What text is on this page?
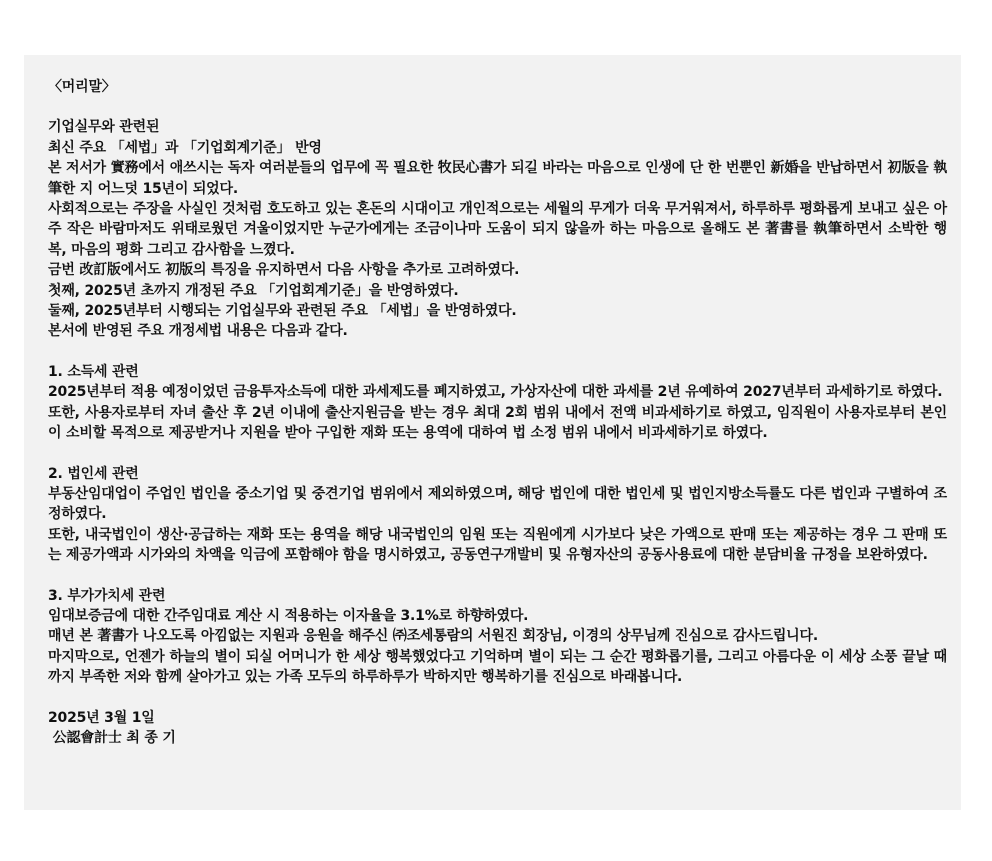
〈머리말〉

기업실무와 관련된

최신 주요 「세법」과 「기업회계기준」 반영

본 저서가 實務에서 애쓰시는 독자 여러분들의 업무에 꼭 필요한 牧民心書가 되길 바라는 마음으로 인생에 단 한 번뿐인 新婚을 반납하면서 初版을 執筆한 지 어느덧 15년이 되었다.

사회적으로는 주장을 사실인 것처럼 호도하고 있는 혼돈의 시대이고 개인적으로는 세월의 무게가 더욱 무거워져서, 하루하루 평화롭게 보내고 싶은 아주 작은 바람마저도 위태로웠던 겨울이었지만 누군가에게는 조금이나마 도움이 되지 않을까 하는 마음으로 올해도 본 著書를 執筆하면서 소박한 행복, 마음의 평화 그리고 감사함을 느꼈다.

금번 改訂版에서도 初版의 특징을 유지하면서 다음 사항을 추가로 고려하였다.

첫째, 2025년 초까지 개정된 주요 「기업회계기준」을 반영하였다.

둘째, 2025년부터 시행되는 기업실무와 관련된 주요 「세법」을 반영하였다.

본서에 반영된 주요 개정세법 내용은 다음과 같다.

1. 소득세 관련

2025년부터 적용 예정이었던 금융투자소득에 대한 과세제도를 폐지하였고, 가상자산에 대한 과세를 2년 유예하여 2027년부터 과세하기로 하였다.

또한, 사용자로부터 자녀 출산 후 2년 이내에 출산지원금을 받는 경우 최대 2회 범위 내에서 전액 비과세하기로 하였고, 임직원이 사용자로부터 본인이 소비할 목적으로 제공받거나 지원을 받아 구입한 재화 또는 용역에 대하여 법 소정 범위 내에서 비과세하기로 하였다.

2. 법인세 관련

부동산임대업이 주업인 법인을 중소기업 및 중견기업 범위에서 제외하였으며, 해당 법인에 대한 법인세 및 법인지방소득률도 다른 법인과 구별하여 조정하였다.

또한, 내국법인이 생산·공급하는 재화 또는 용역을 해당 내국법인의 임원 또는 직원에게 시가보다 낮은 가액으로 판매 또는 제공하는 경우 그 판매 또는 제공가액과 시가와의 차액을 익금에 포함해야 함을 명시하였고, 공동연구개발비 및 유형자산의 공동사용료에 대한 분담비율 규정을 보완하였다.

3. 부가가치세 관련

임대보증금에 대한 간주임대료 계산 시 적용하는 이자율을 3.1%로 하향하였다.

매년 본 著書가 나오도록 아낌없는 지원과 응원을 해주신 ㈜조세통람의 서원진 회장님, 이경의 상무님께 진심으로 감사드립니다.

마지막으로, 언젠가 하늘의 별이 되실 어머니가 한 세상 행복했었다고 기억하며 별이 되는 그 순간 평화롭기를, 그리고 아름다운 이 세상 소풍 끝날 때까지 부족한 저와 함께 살아가고 있는 가족 모두의 하루하루가 박하지만 행복하기를 진심으로 바래봅니다.

2025년 3월 1일

公認會計士 최 종 기
